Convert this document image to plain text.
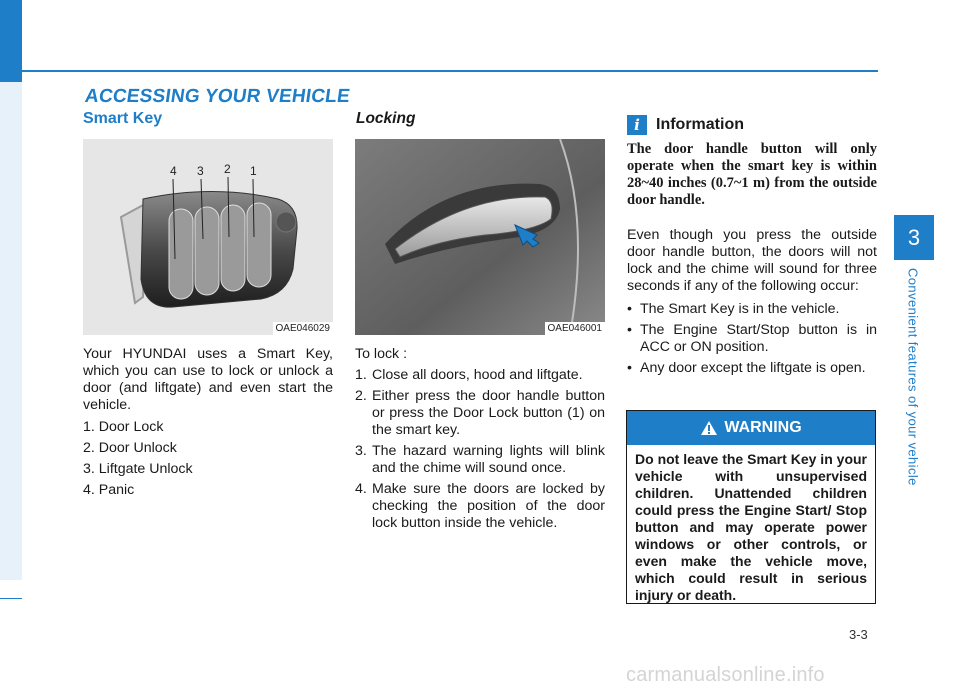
3
Convenient features of your vehicle
ACCESSING YOUR VEHICLE
Smart Key	Locking
4 3 2 1
OAE046029	OAE046001

Your HYUNDAI uses a Smart Key, which you can use to lock or unlock a door (and liftgate) and even start the vehicle.

1. Door Lock
2. Door Unlock
3. Liftgate Unlock
4. Panic
To lock :
1. Close all doors, hood and liftgate.
2. Either press the door handle button or press the Door Lock button (1) on the smart key.
3. The hazard warning lights will blink and the chime will sound once.
4. Make sure the doors are locked by checking the position of the door lock button inside the vehicle.
i	Information
The door handle button will only operate when the smart key is within 28~40 inches (0.7~1 m) from the outside door handle.

Even though you press the outside door handle button, the doors will not lock and the chime will sound for three seconds if any of the following occur:

• The Smart Key is in the vehicle.
• The Engine Start/Stop button is in ACC or ON position.
• Any door except the liftgate is open.
WARNING
Do not leave the Smart Key in your vehicle with unsupervised children. Unattended children could press the Engine Start/ Stop button and may operate power windows or other controls, or even make the vehicle move, which could result in serious injury or death.
3-3
carmanualsonline.info
